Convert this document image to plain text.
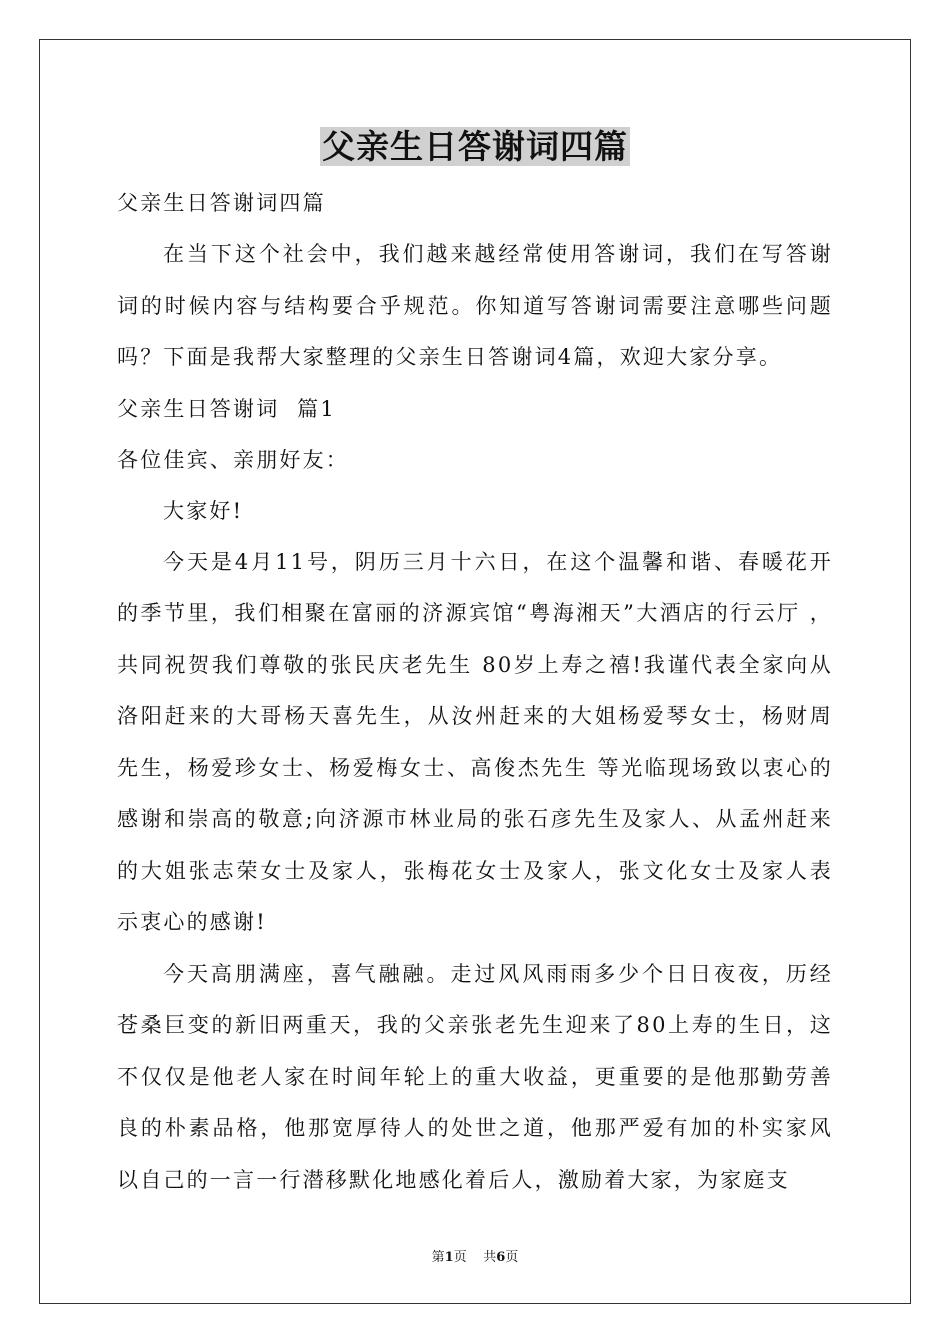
父亲生日答谢词四篇
父亲生日答谢词四篇
在当下这个社会中，我们越来越经常使用答谢词，我们在写答谢词的时候内容与结构要合乎规范。你知道写答谢词需要注意哪些问题吗？下面是我帮大家整理的父亲生日答谢词4篇，欢迎大家分享。
父亲生日答谢词  篇1
各位佳宾、亲朋好友：
大家好!
今天是4月11号，阴历三月十六日，在这个温馨和谐、春暖花开的季节里，我们相聚在富丽的济源宾馆“粤海湘天”大酒店的行云厅 ，共同祝贺我们尊敬的张民庆老先生 80岁上寿之禧!我谨代表全家向从洛阳赶来的大哥杨天喜先生，从汝州赶来的大姐杨爱琴女士，杨财周先生，杨爱珍女士、杨爱梅女士、高俊杰先生 等光临现场致以衷心的感谢和崇高的敬意;向济源市林业局的张石彦先生及家人、从孟州赶来的大姐张志荣女士及家人，张梅花女士及家人，张文化女士及家人表示衷心的感谢!
今天高朋满座，喜气融融。走过风风雨雨多少个日日夜夜，历经苍桑巨变的新旧两重天，我的父亲张老先生迎来了80上寿的生日，这不仅仅是他老人家在时间年轮上的重大收益，更重要的是他那勤劳善良的朴素品格，他那宽厚待人的处世之道，他那严爱有加的朴实家风以自己的一言一行潜移默化地感化着后人，激励着大家，为家庭支
第1页 共6页
